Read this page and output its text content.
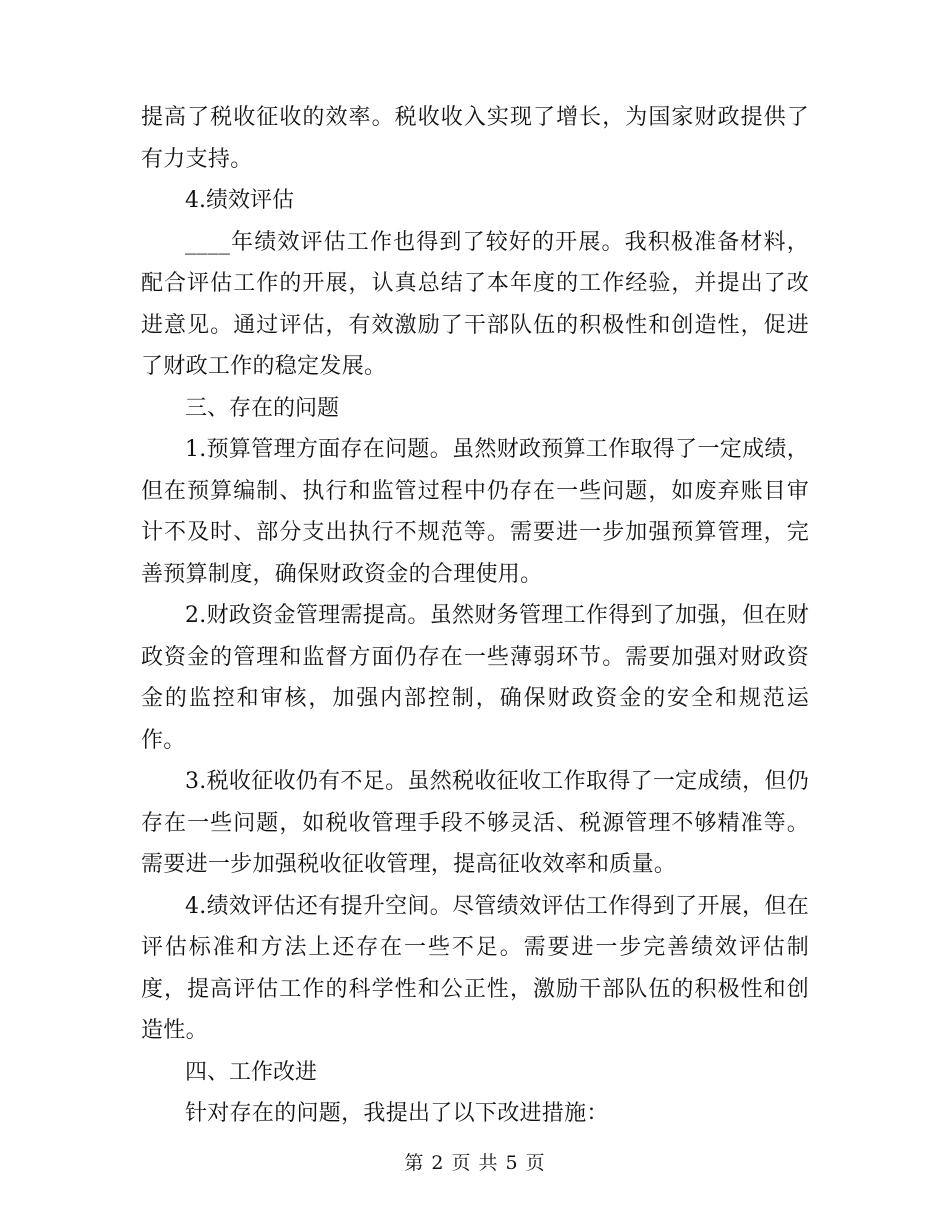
提高了税收征收的效率。税收收入实现了增长，为国家财政提供了有力支持。

4.绩效评估

____年绩效评估工作也得到了较好的开展。我积极准备材料，配合评估工作的开展，认真总结了本年度的工作经验，并提出了改进意见。通过评估，有效激励了干部队伍的积极性和创造性，促进了财政工作的稳定发展。

三、存在的问题

1.预算管理方面存在问题。虽然财政预算工作取得了一定成绩，但在预算编制、执行和监管过程中仍存在一些问题，如废弃账目审计不及时、部分支出执行不规范等。需要进一步加强预算管理，完善预算制度，确保财政资金的合理使用。

2.财政资金管理需提高。虽然财务管理工作得到了加强，但在财政资金的管理和监督方面仍存在一些薄弱环节。需要加强对财政资金的监控和审核，加强内部控制，确保财政资金的安全和规范运作。

3.税收征收仍有不足。虽然税收征收工作取得了一定成绩，但仍存在一些问题，如税收管理手段不够灵活、税源管理不够精准等。需要进一步加强税收征收管理，提高征收效率和质量。

4.绩效评估还有提升空间。尽管绩效评估工作得到了开展，但在评估标准和方法上还存在一些不足。需要进一步完善绩效评估制度，提高评估工作的科学性和公正性，激励干部队伍的积极性和创造性。

四、工作改进

针对存在的问题，我提出了以下改进措施：

第 2 页 共 5 页
